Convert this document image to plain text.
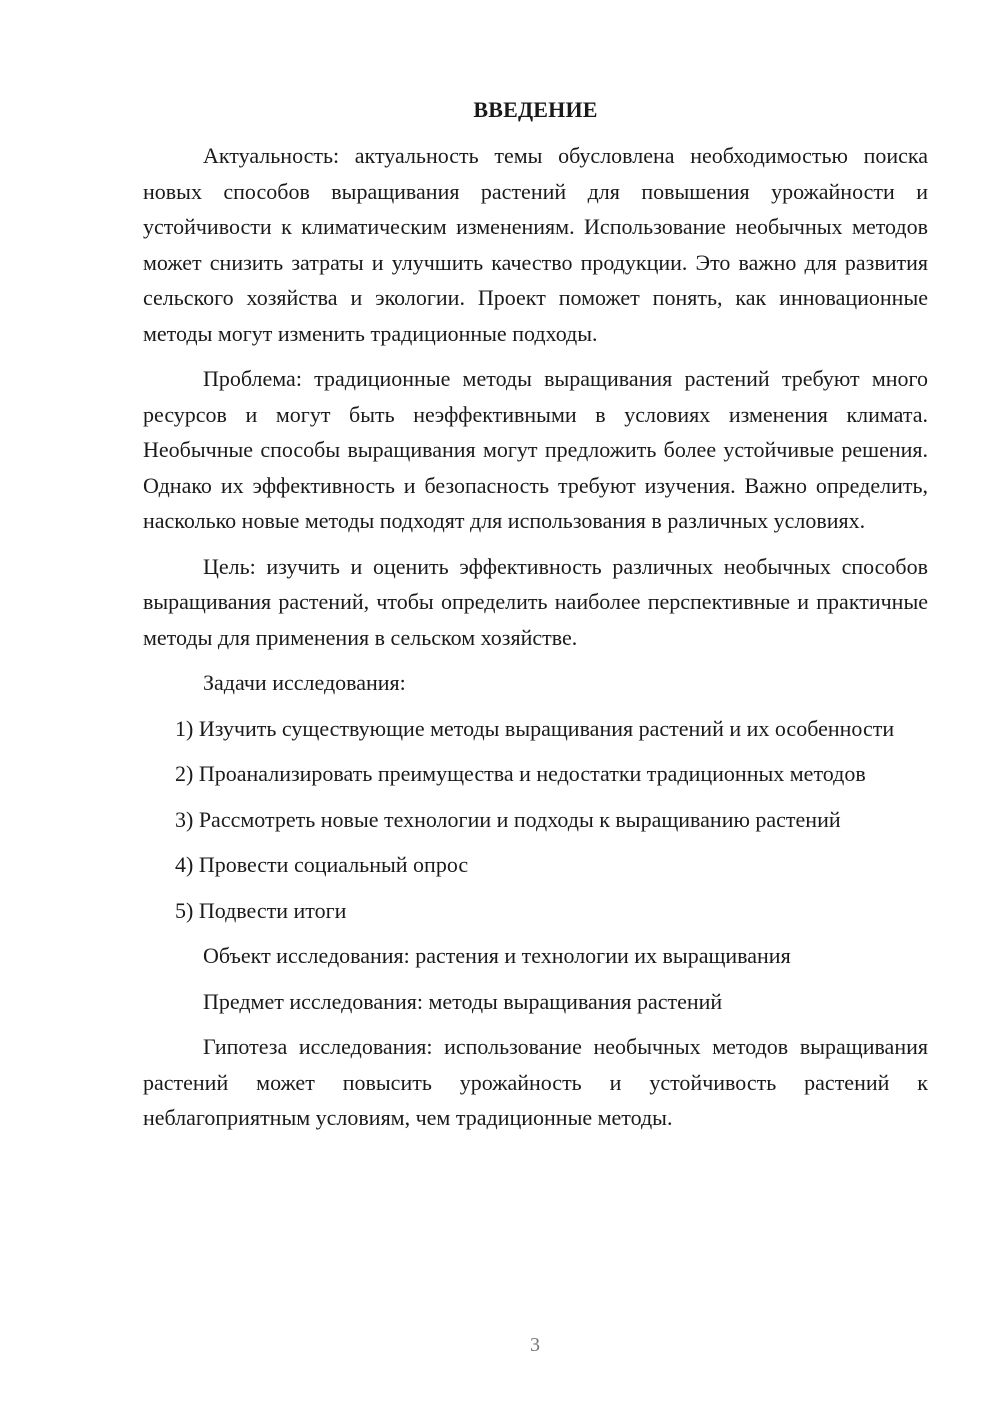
ВВЕДЕНИЕ

Актуальность: актуальность темы обусловлена необходимостью поиска новых способов выращивания растений для повышения урожайности и устойчивости к климатическим изменениям. Использование необычных методов может снизить затраты и улучшить качество продукции. Это важно для развития сельского хозяйства и экологии. Проект поможет понять, как инновационные методы могут изменить традиционные подходы.

Проблема: традиционные методы выращивания растений требуют много ресурсов и могут быть неэффективными в условиях изменения климата. Необычные способы выращивания могут предложить более устойчивые решения. Однако их эффективность и безопасность требуют изучения. Важно определить, насколько новые методы подходят для использования в различных условиях.

Цель: изучить и оценить эффективность различных необычных способов выращивания растений, чтобы определить наиболее перспективные и практичные методы для применения в сельском хозяйстве.

Задачи исследования:

1) Изучить существующие методы выращивания растений и их особенности
2) Проанализировать преимущества и недостатки традиционных методов
3) Рассмотреть новые технологии и подходы к выращиванию растений
4) Провести социальный опрос
5) Подвести итоги

Объект исследования: растения и технологии их выращивания

Предмет исследования: методы выращивания растений

Гипотеза исследования: использование необычных методов выращивания растений может повысить урожайность и устойчивость растений к неблагоприятным условиям, чем традиционные методы.

3
